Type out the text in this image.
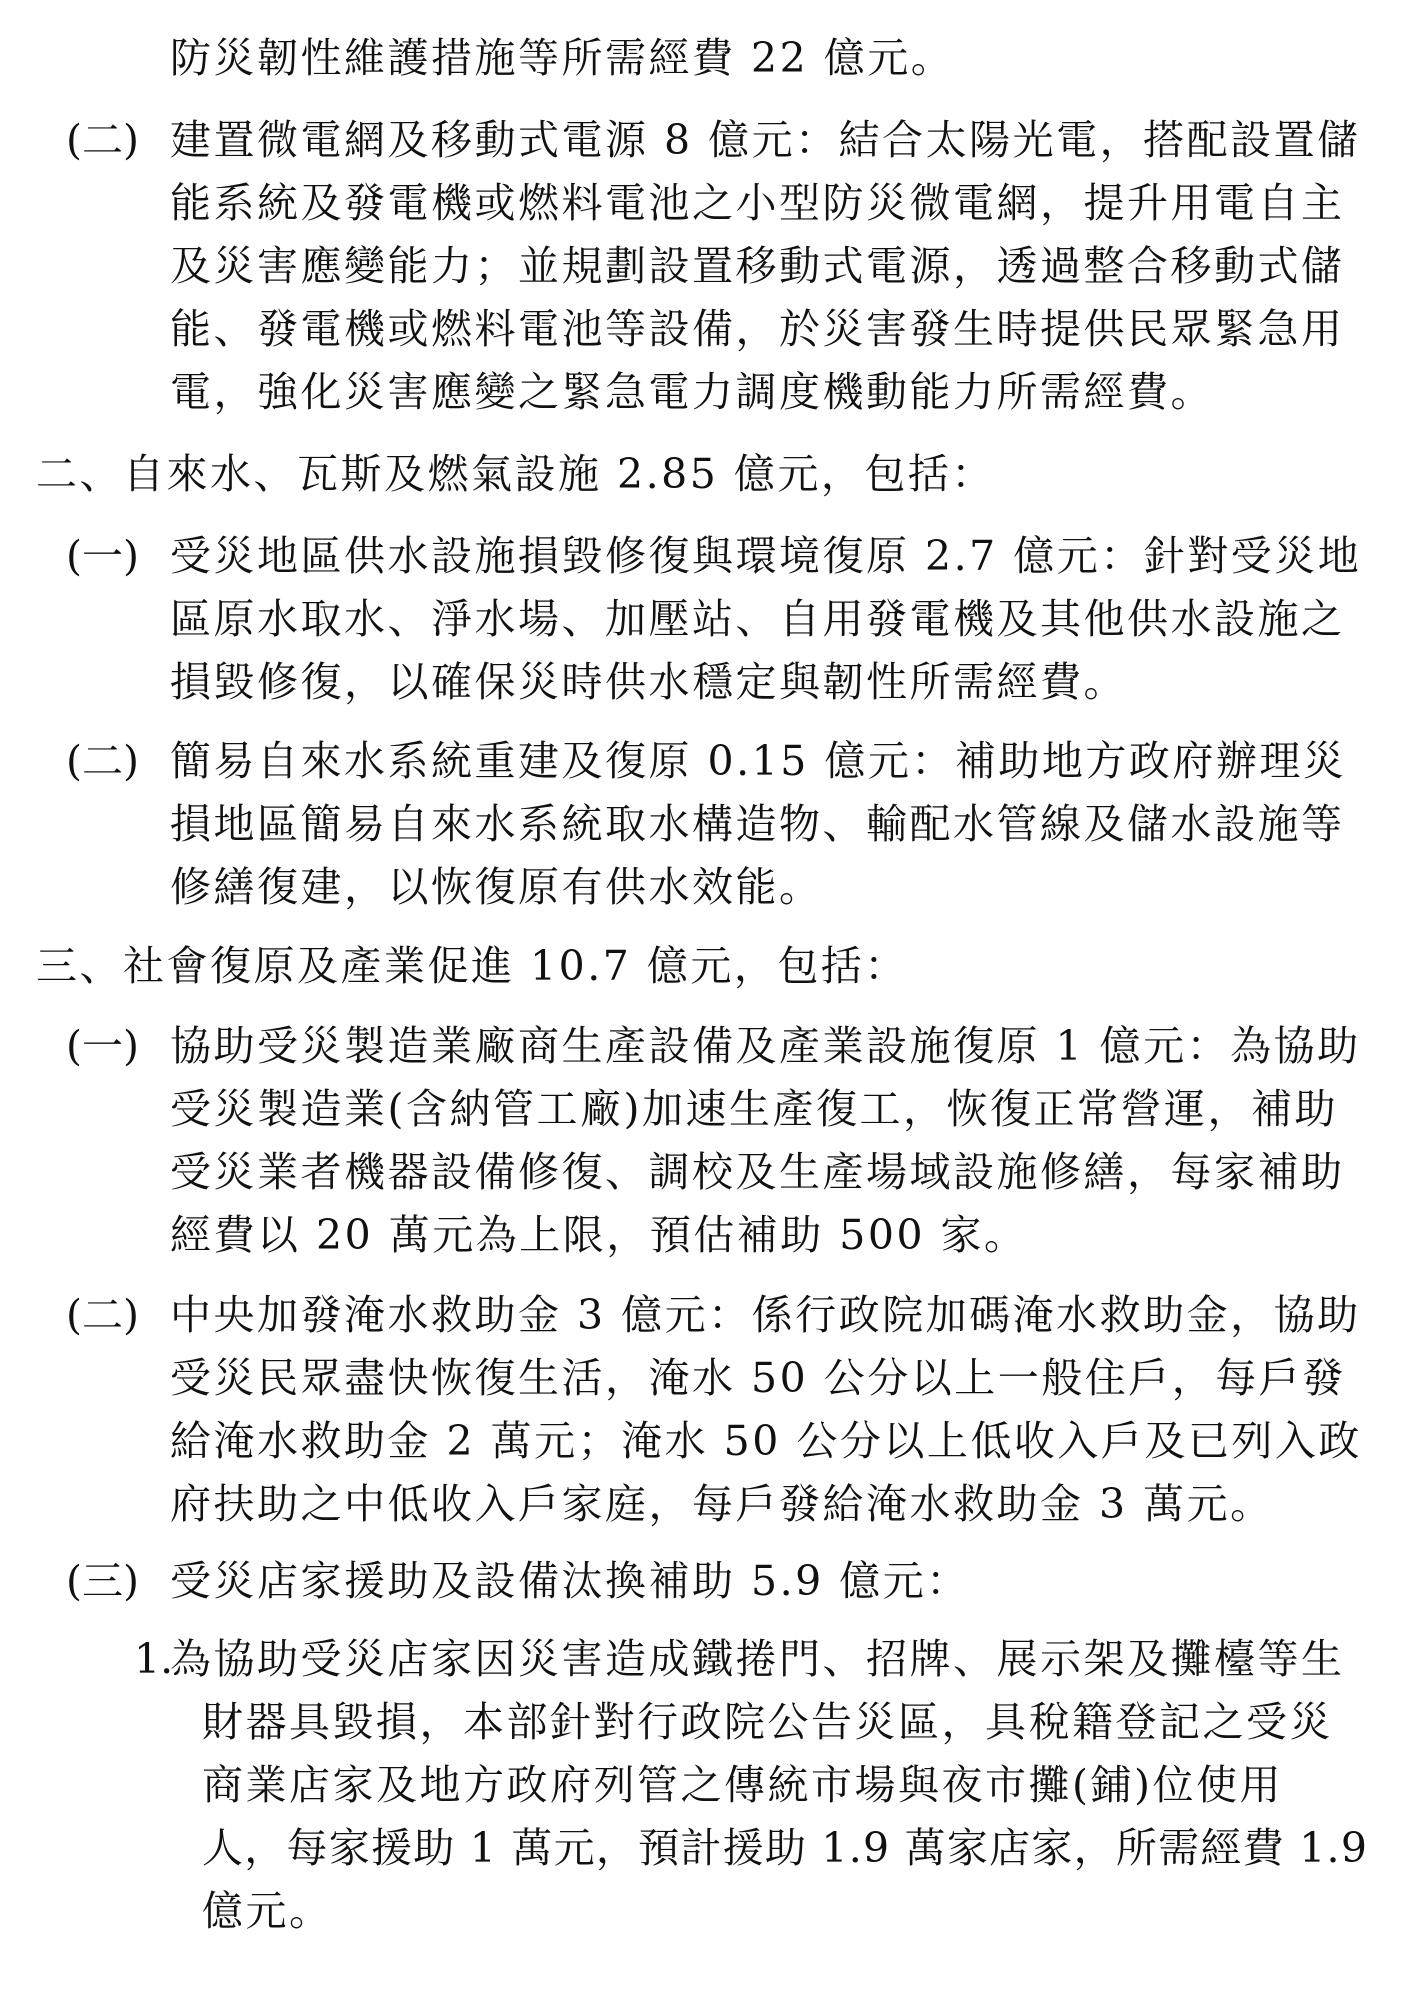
防災韌性維護措施等所需經費 22 億元。
(二) 建置微電網及移動式電源 8 億元：結合太陽光電，搭配設置儲
能系統及發電機或燃料電池之小型防災微電網，提升用電自主
及災害應變能力；並規劃設置移動式電源，透過整合移動式儲
能、發電機或燃料電池等設備，於災害發生時提供民眾緊急用
電，強化災害應變之緊急電力調度機動能力所需經費。
二、自來水、瓦斯及燃氣設施 2.85 億元，包括：
(一) 受災地區供水設施損毀修復與環境復原 2.7 億元：針對受災地
區原水取水、淨水場、加壓站、自用發電機及其他供水設施之
損毀修復，以確保災時供水穩定與韌性所需經費。
(二) 簡易自來水系統重建及復原 0.15 億元：補助地方政府辦理災
損地區簡易自來水系統取水構造物、輸配水管線及儲水設施等
修繕復建，以恢復原有供水效能。
三、社會復原及產業促進 10.7 億元，包括：
(一) 協助受災製造業廠商生產設備及產業設施復原 1 億元：為協助
受災製造業(含納管工廠)加速生產復工，恢復正常營運，補助
受災業者機器設備修復、調校及生產場域設施修繕，每家補助
經費以 20 萬元為上限，預估補助 500 家。
(二) 中央加發淹水救助金 3 億元：係行政院加碼淹水救助金，協助
受災民眾盡快恢復生活，淹水 50 公分以上一般住戶，每戶發
給淹水救助金 2 萬元；淹水 50 公分以上低收入戶及已列入政
府扶助之中低收入戶家庭，每戶發給淹水救助金 3 萬元。
(三) 受災店家援助及設備汰換補助 5.9 億元：
1.
為協助受災店家因災害造成鐵捲門、招牌、展示架及攤檯等生
財器具毀損，本部針對行政院公告災區，具稅籍登記之受災
商業店家及地方政府列管之傳統市場與夜市攤(鋪)位使用
人，每家援助 1 萬元，預計援助 1.9 萬家店家，所需經費 1.9
億元。
